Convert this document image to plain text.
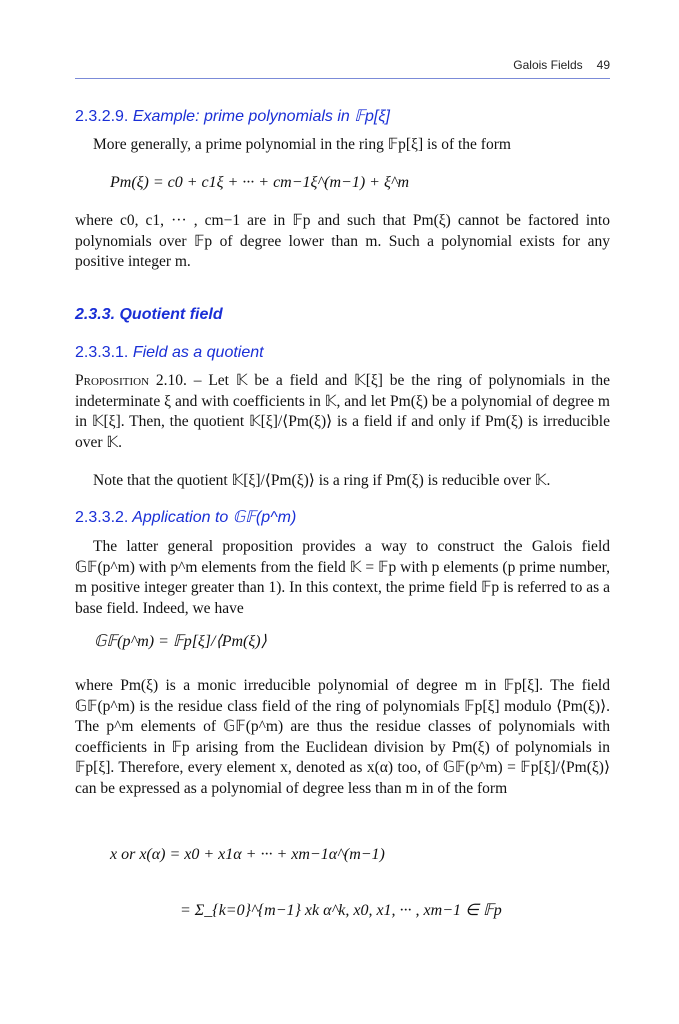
Galois Fields 49
2.3.2.9. Example: prime polynomials in 𝔽p[ξ]
More generally, a prime polynomial in the ring 𝔽p[ξ] is of the form
Pm(ξ) = c0 + c1ξ + ··· + cm−1ξ^(m−1) + ξ^m
where c0, c1, ··· , cm−1 are in 𝔽p and such that Pm(ξ) cannot be factored into polynomials over 𝔽p of degree lower than m. Such a polynomial exists for any positive integer m.
2.3.3. Quotient field
2.3.3.1. Field as a quotient
Proposition 2.10. – Let 𝕂 be a field and 𝕂[ξ] be the ring of polynomials in the indeterminate ξ and with coefficients in 𝕂, and let Pm(ξ) be a polynomial of degree m in 𝕂[ξ]. Then, the quotient 𝕂[ξ]/⟨Pm(ξ)⟩ is a field if and only if Pm(ξ) is irreducible over 𝕂.
Note that the quotient 𝕂[ξ]/⟨Pm(ξ)⟩ is a ring if Pm(ξ) is reducible over 𝕂.
2.3.3.2. Application to 𝔾𝔽(p^m)
The latter general proposition provides a way to construct the Galois field 𝔾𝔽(p^m) with p^m elements from the field 𝕂 = 𝔽p with p elements (p prime number, m positive integer greater than 1). In this context, the prime field 𝔽p is referred to as a base field. Indeed, we have
𝔾𝔽(p^m) = 𝔽p[ξ]/⟨Pm(ξ)⟩
where Pm(ξ) is a monic irreducible polynomial of degree m in 𝔽p[ξ]. The field 𝔾𝔽(p^m) is the residue class field of the ring of polynomials 𝔽p[ξ] modulo ⟨Pm(ξ)⟩. The p^m elements of 𝔾𝔽(p^m) are thus the residue classes of polynomials with coefficients in 𝔽p arising from the Euclidean division by Pm(ξ) of polynomials in 𝔽p[ξ]. Therefore, every element x, denoted as x(α) too, of 𝔾𝔽(p^m) = 𝔽p[ξ]/⟨Pm(ξ)⟩ can be expressed as a polynomial of degree less than m in of the form
x or x(α) = x0 + x1α + ··· + xm−1α^(m−1)
= Σ_{k=0}^{m−1} xk α^k, x0, x1, ··· , xm−1 ∈ 𝔽p
